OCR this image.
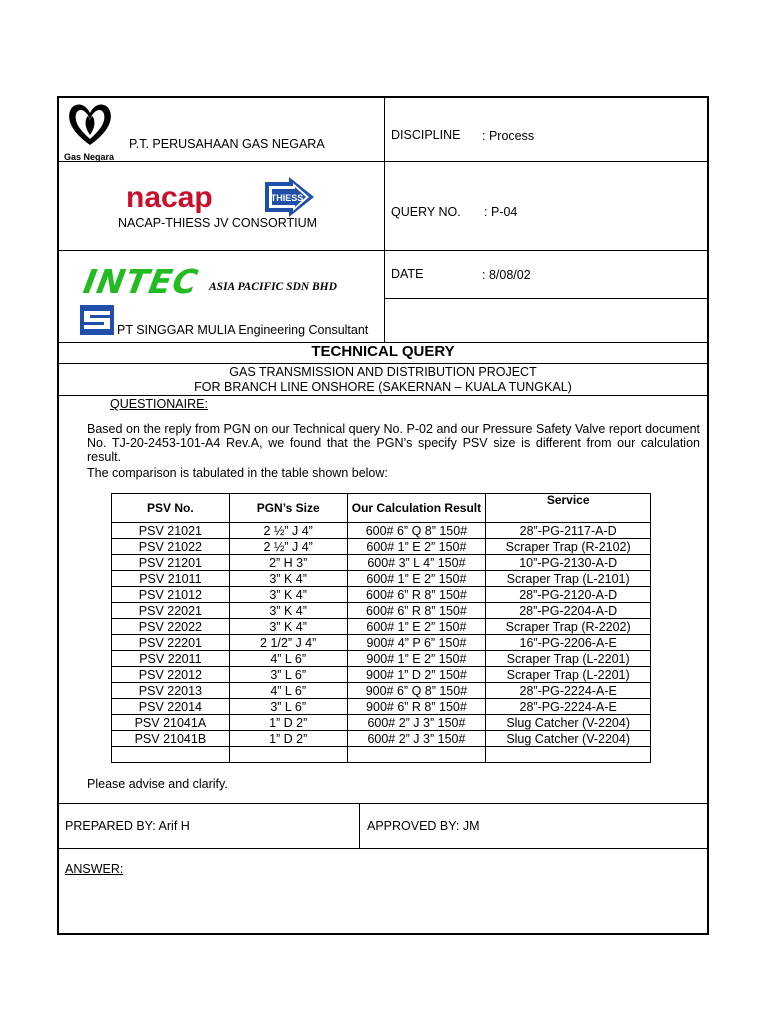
Gas Negara
P.T. PERUSAHAAN GAS NEGARA
nacap	THIESS
NACAP-THIESS JV CONSORTIUM
INTEC ASIA PACIFIC SDN BHD
PT SINGGAR MULIA Engineering Consultant
DISCIPLINE : Process
QUERY NO. : P-04
DATE	: 8/08/02
TECHNICAL QUERY
GAS TRANSMISSION AND DISTRIBUTION PROJECT
FOR BRANCH LINE ONSHORE (SAKERNAN – KUALA TUNGKAL)
QUESTIONAIRE:
Based on the reply from PGN on our Technical query No. P-02 and our Pressure Safety Valve report document No. TJ-20-2453-101-A4 Rev.A, we found that the PGN’s specify PSV size is different from our calculation result.
The comparison is tabulated in the table shown below:
PSV No.	PGN’s Size	Our Calculation Result	Service
PSV 21021	2 ½” J 4”	600# 6” Q 8” 150#	28”-PG-2117-A-D
PSV 21022	2 ½” J 4”	600# 1” E 2” 150#	Scraper Trap (R-2102)
PSV 21201	2” H 3”	600# 3” L 4” 150#	10”-PG-2130-A-D
PSV 21011	3” K 4”	600# 1” E 2” 150#	Scraper Trap (L-2101)
PSV 21012	3” K 4”	600# 6” R 8” 150#	28”-PG-2120-A-D
PSV 22021	3” K 4”	600# 6” R 8” 150#	28”-PG-2204-A-D
PSV 22022	3” K 4”	600# 1” E 2” 150#	Scraper Trap (R-2202)
PSV 22201	2 1/2” J 4”	900# 4” P 6” 150#	16”-PG-2206-A-E
PSV 22011	4” L 6”	900# 1” E 2” 150#	Scraper Trap (L-2201)
PSV 22012	3” L 6”	900# 1” D 2” 150#	Scraper Trap (L-2201)
PSV 22013	4” L 6”	900# 6” Q 8” 150#	28”-PG-2224-A-E
PSV 22014	3” L 6”	900# 6” R 8” 150#	28”-PG-2224-A-E
PSV 21041A	1” D 2”	600# 2” J 3” 150#	Slug Catcher (V-2204)
PSV 21041B	1” D 2”	600# 2” J 3” 150#	Slug Catcher (V-2204)

Please advise and clarify.
PREPARED BY: Arif H	APPROVED BY: JM
ANSWER:
